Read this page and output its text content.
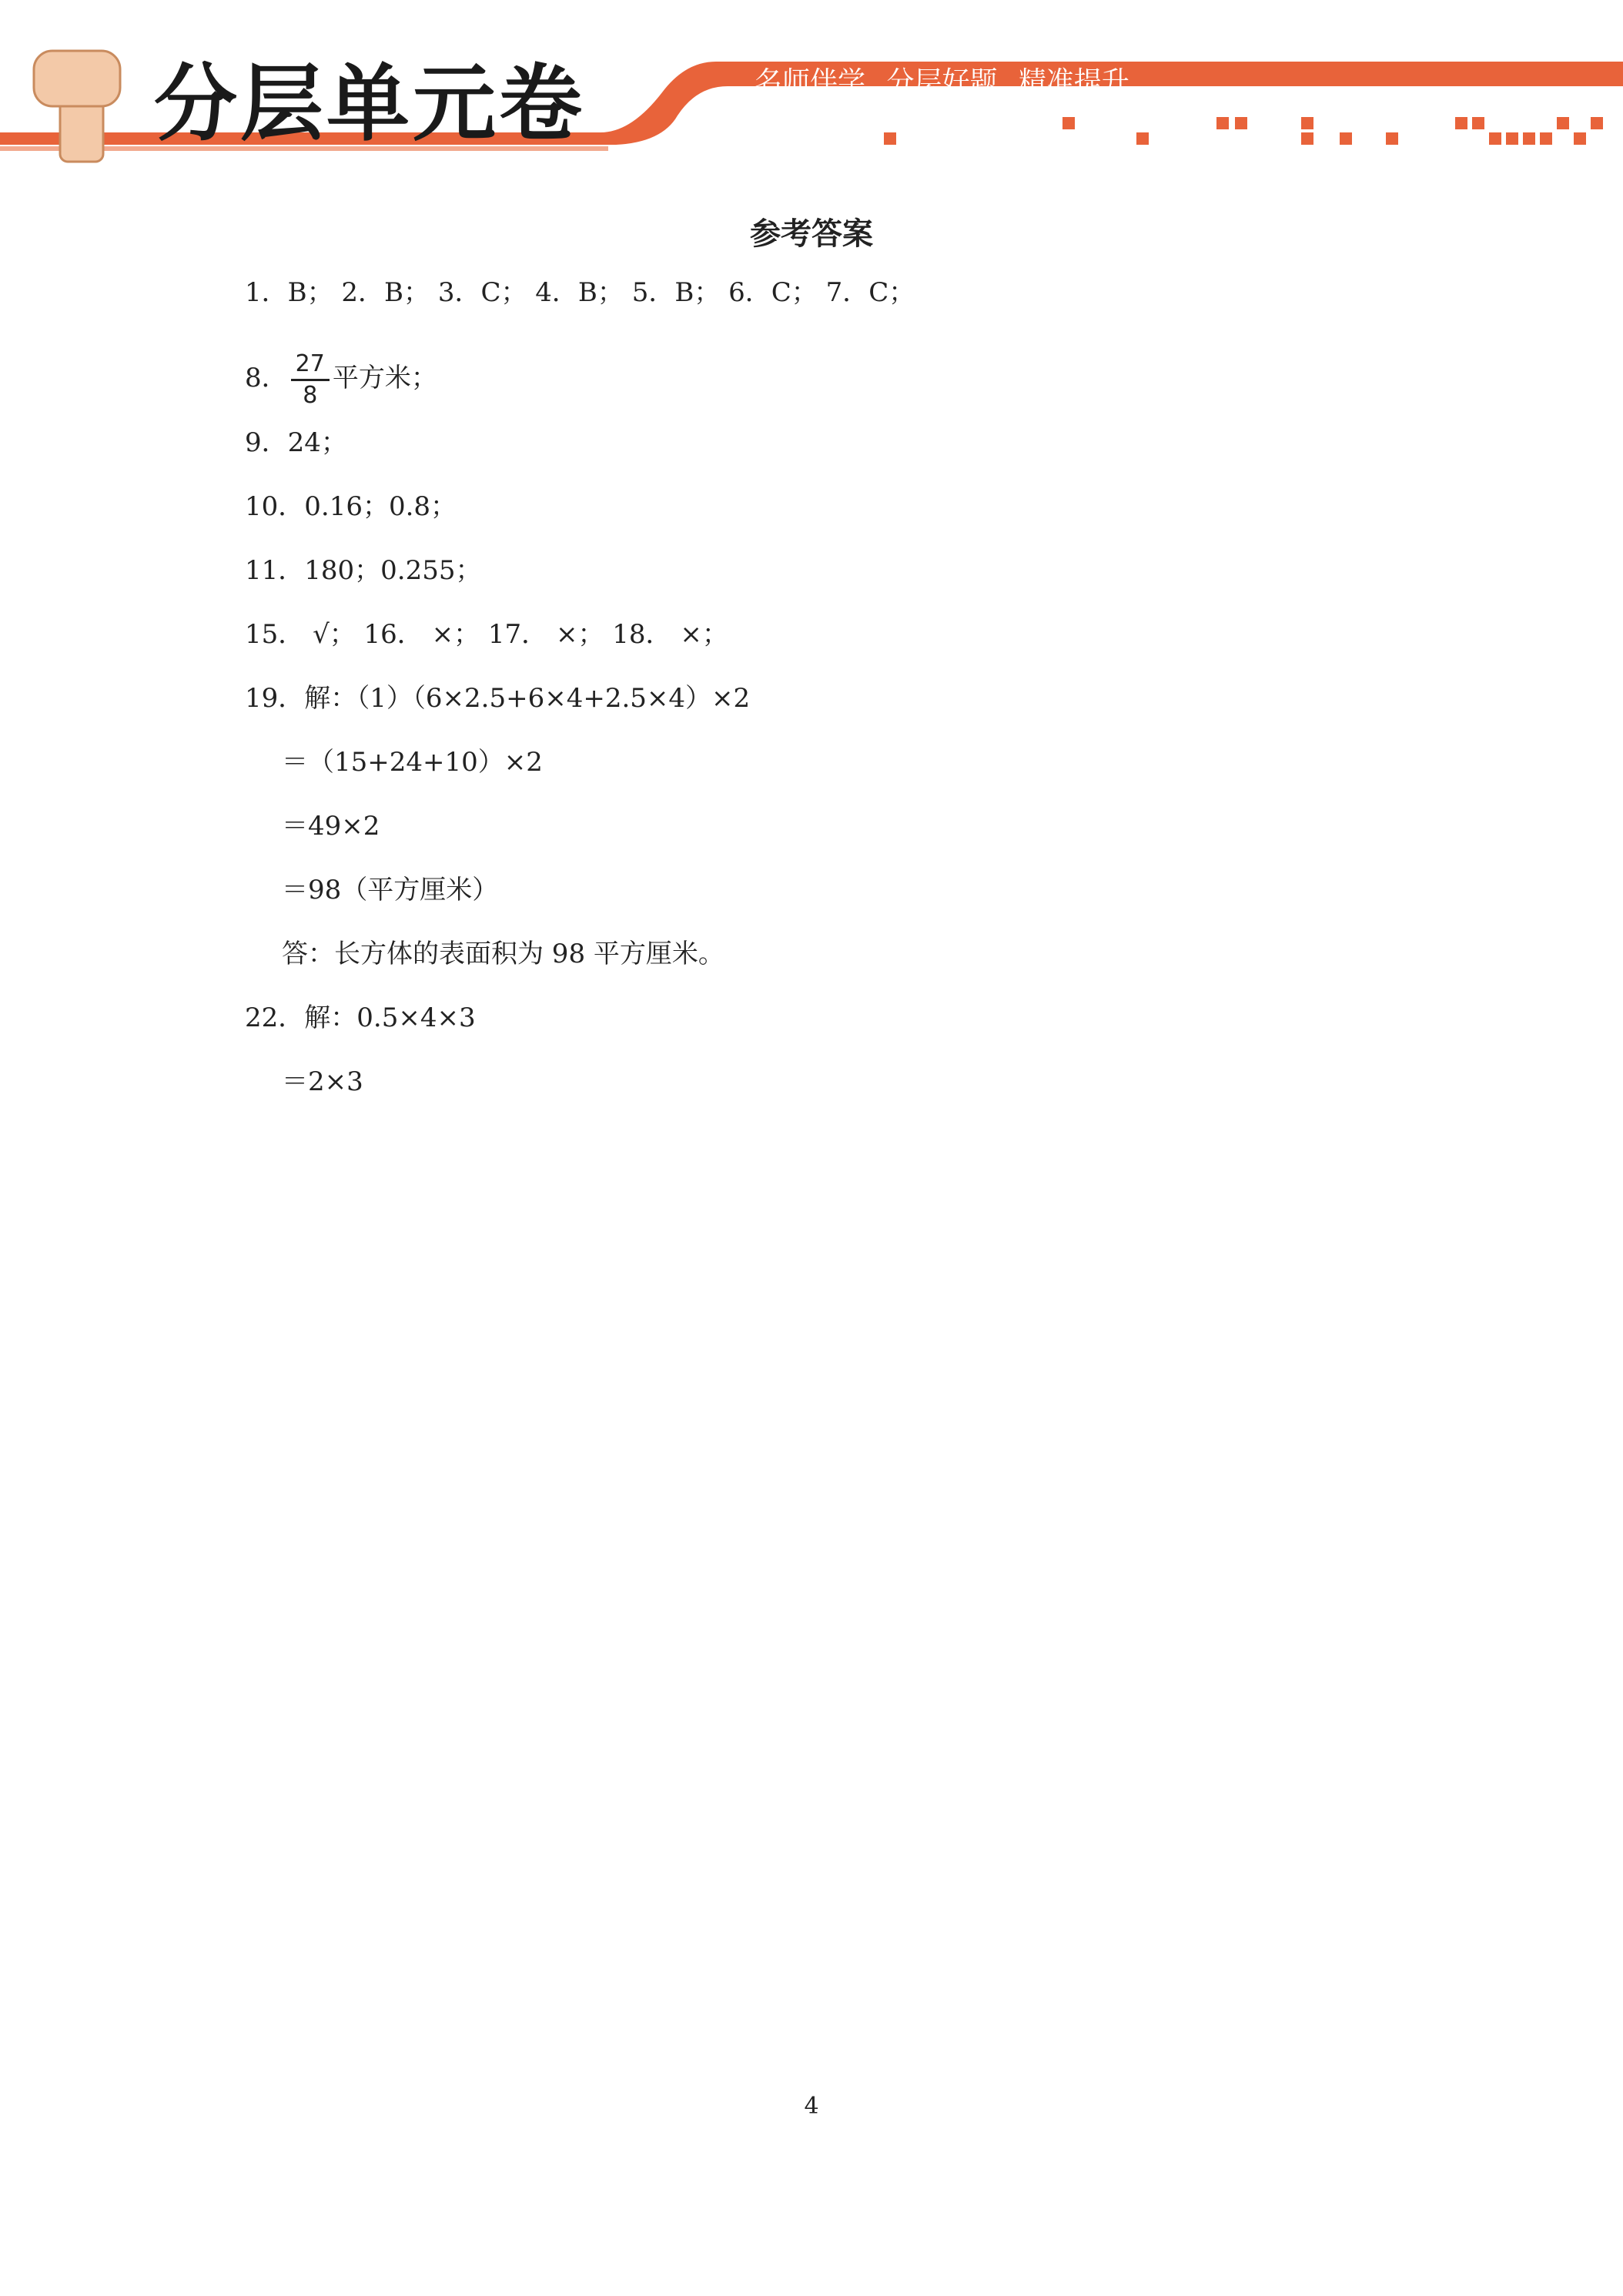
分层单元卷	名师伴学 分层好题 精准提升
参考答案
1．B； 2．B； 3．C； 4．B； 5．B； 6．C； 7．C；
8． $\frac{27}{8}$ 平方米；
9．24；
10．0.16；0.8；
11．180；0.255；
15． √； 16． ×； 17． ×； 18． ×；
19．解：（1）（6×2.5+6×4+2.5×4）×2
＝（15+24+10）×2
＝49×2
＝98（平方厘米）
答：长方体的表面积为 98 平方厘米。
22．解：0.5×4×3
＝2×3
4
